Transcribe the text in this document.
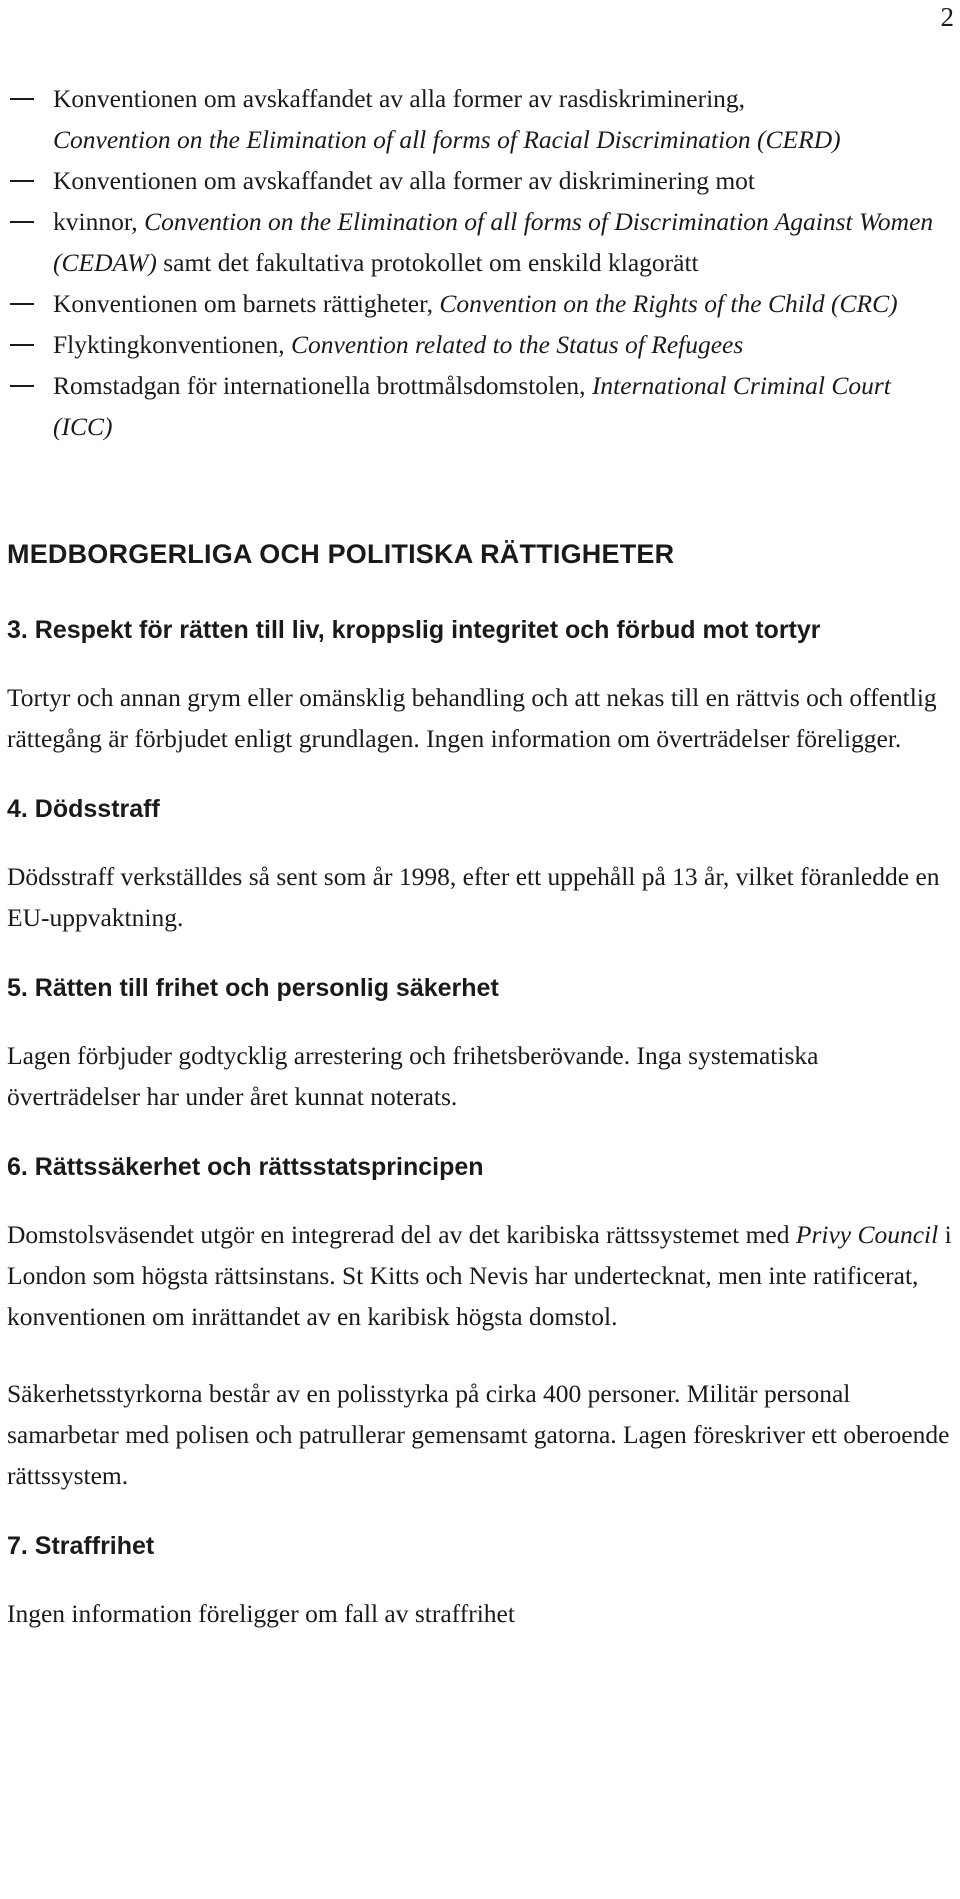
2
Konventionen om avskaffandet av alla former av rasdiskriminering,
Convention on the Elimination of all forms of Racial Discrimination (CERD)
Konventionen om avskaffandet av alla former av diskriminering mot
kvinnor, Convention on the Elimination of all forms of Discrimination Against Women (CEDAW) samt det fakultativa protokollet om enskild klagorätt
Konventionen om barnets rättigheter, Convention on the Rights of the Child (CRC)
Flyktingkonventionen, Convention related to the Status of Refugees
Romstadgan för internationella brottmålsdomstolen, International Criminal Court (ICC)
MEDBORGERLIGA OCH POLITISKA RÄTTIGHETER
3. Respekt för rätten till liv, kroppslig integritet och förbud mot tortyr

Tortyr och annan grym eller omänsklig behandling och att nekas till en rättvis och offentlig rättegång är förbjudet enligt grundlagen. Ingen information om överträdelser föreligger.

4. Dödsstraff

Dödsstraff verkställdes så sent som år 1998, efter ett uppehåll på 13 år, vilket föranledde en EU-uppvaktning.

5. Rätten till frihet och personlig säkerhet

Lagen förbjuder godtycklig arrestering och frihetsberövande. Inga systematiska överträdelser har under året kunnat noterats.

6. Rättssäkerhet och rättsstatsprincipen

Domstolsväsendet utgör en integrerad del av det karibiska rättssystemet med Privy Council i London som högsta rättsinstans. St Kitts och Nevis har undertecknat, men inte ratificerat, konventionen om inrättandet av en karibisk högsta domstol.

Säkerhetsstyrkorna består av en polisstyrka på cirka 400 personer. Militär personal samarbetar med polisen och patrullerar gemensamt gatorna. Lagen föreskriver ett oberoende rättssystem.

7. Straffrihet

Ingen information föreligger om fall av straffrihet
